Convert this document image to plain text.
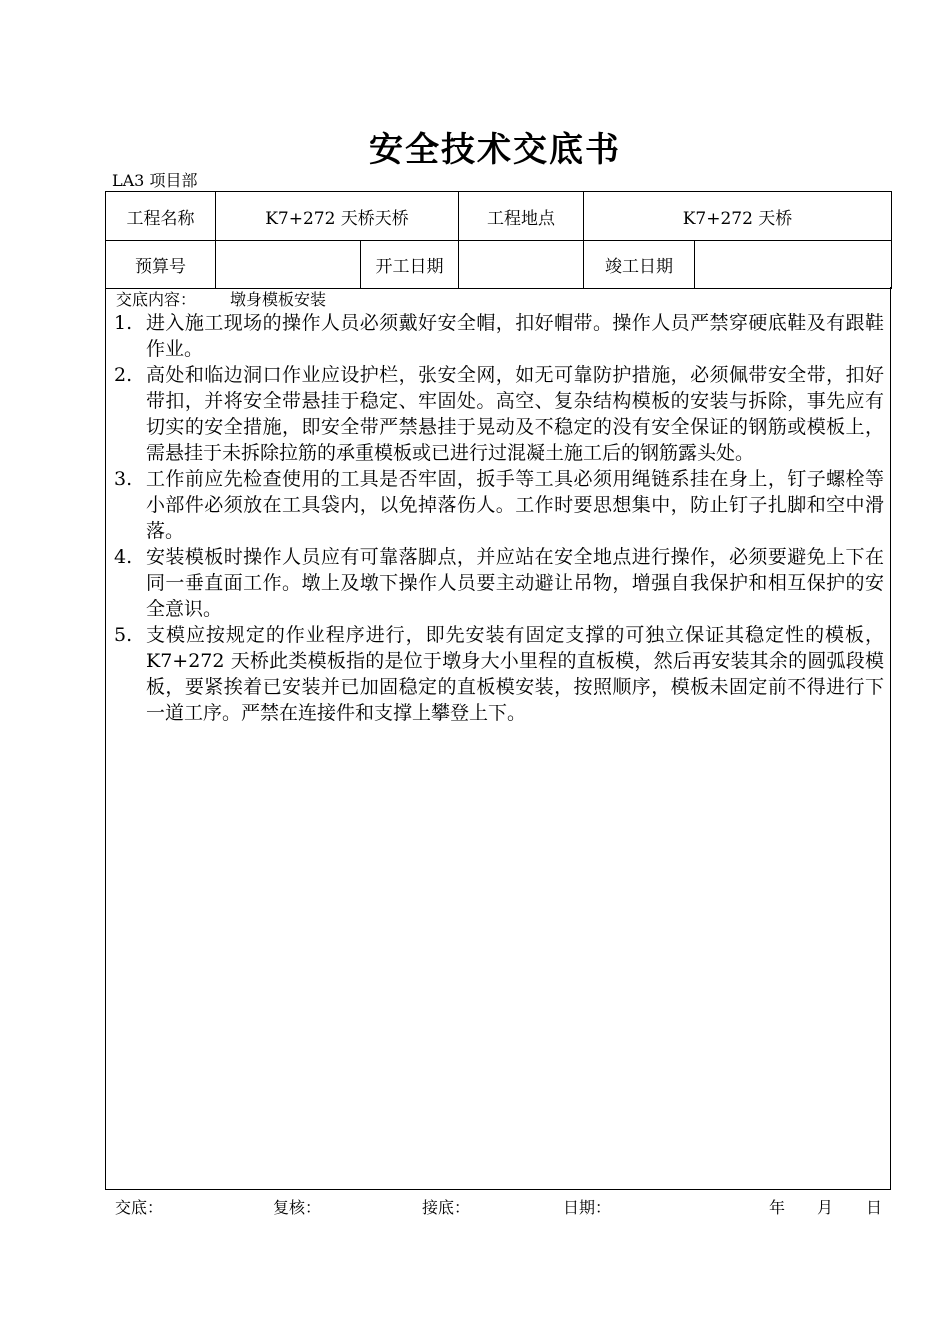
安全技术交底书
LA3 项目部
工程名称	K7+272 天桥天桥		工程地点	K7+272 天桥	
预算号		开工日期		竣工日期	
交底内容： 墩身模板安装
1. 进入施工现场的操作人员必须戴好安全帽，扣好帽带。操作人员严禁穿硬底鞋及有跟鞋作业。
2. 高处和临边洞口作业应设护栏，张安全网，如无可靠防护措施，必须佩带安全带，扣好带扣，并将安全带悬挂于稳定、牢固处。高空、复杂结构模板的安装与拆除，事先应有切实的安全措施，即安全带严禁悬挂于晃动及不稳定的没有安全保证的钢筋或模板上，需悬挂于未拆除拉筋的承重模板或已进行过混凝土施工后的钢筋露头处。
3. 工作前应先检查使用的工具是否牢固，扳手等工具必须用绳链系挂在身上，钉子螺栓等小部件必须放在工具袋内，以免掉落伤人。工作时要思想集中，防止钉子扎脚和空中滑落。
4. 安装模板时操作人员应有可靠落脚点，并应站在安全地点进行操作，必须要避免上下在同一垂直面工作。墩上及墩下操作人员要主动避让吊物，增强自我保护和相互保护的安全意识。
5. 支模应按规定的作业程序进行，即先安装有固定支撑的可独立保证其稳定性的模板，K7+272 天桥此类模板指的是位于墩身大小里程的直板模，然后再安装其余的圆弧段模板，要紧挨着已安装并已加固稳定的直板模安装，按照顺序，模板未固定前不得进行下一道工序。严禁在连接件和支撑上攀登上下。
交底：	复核：	接底：	日期：	年 月 日
